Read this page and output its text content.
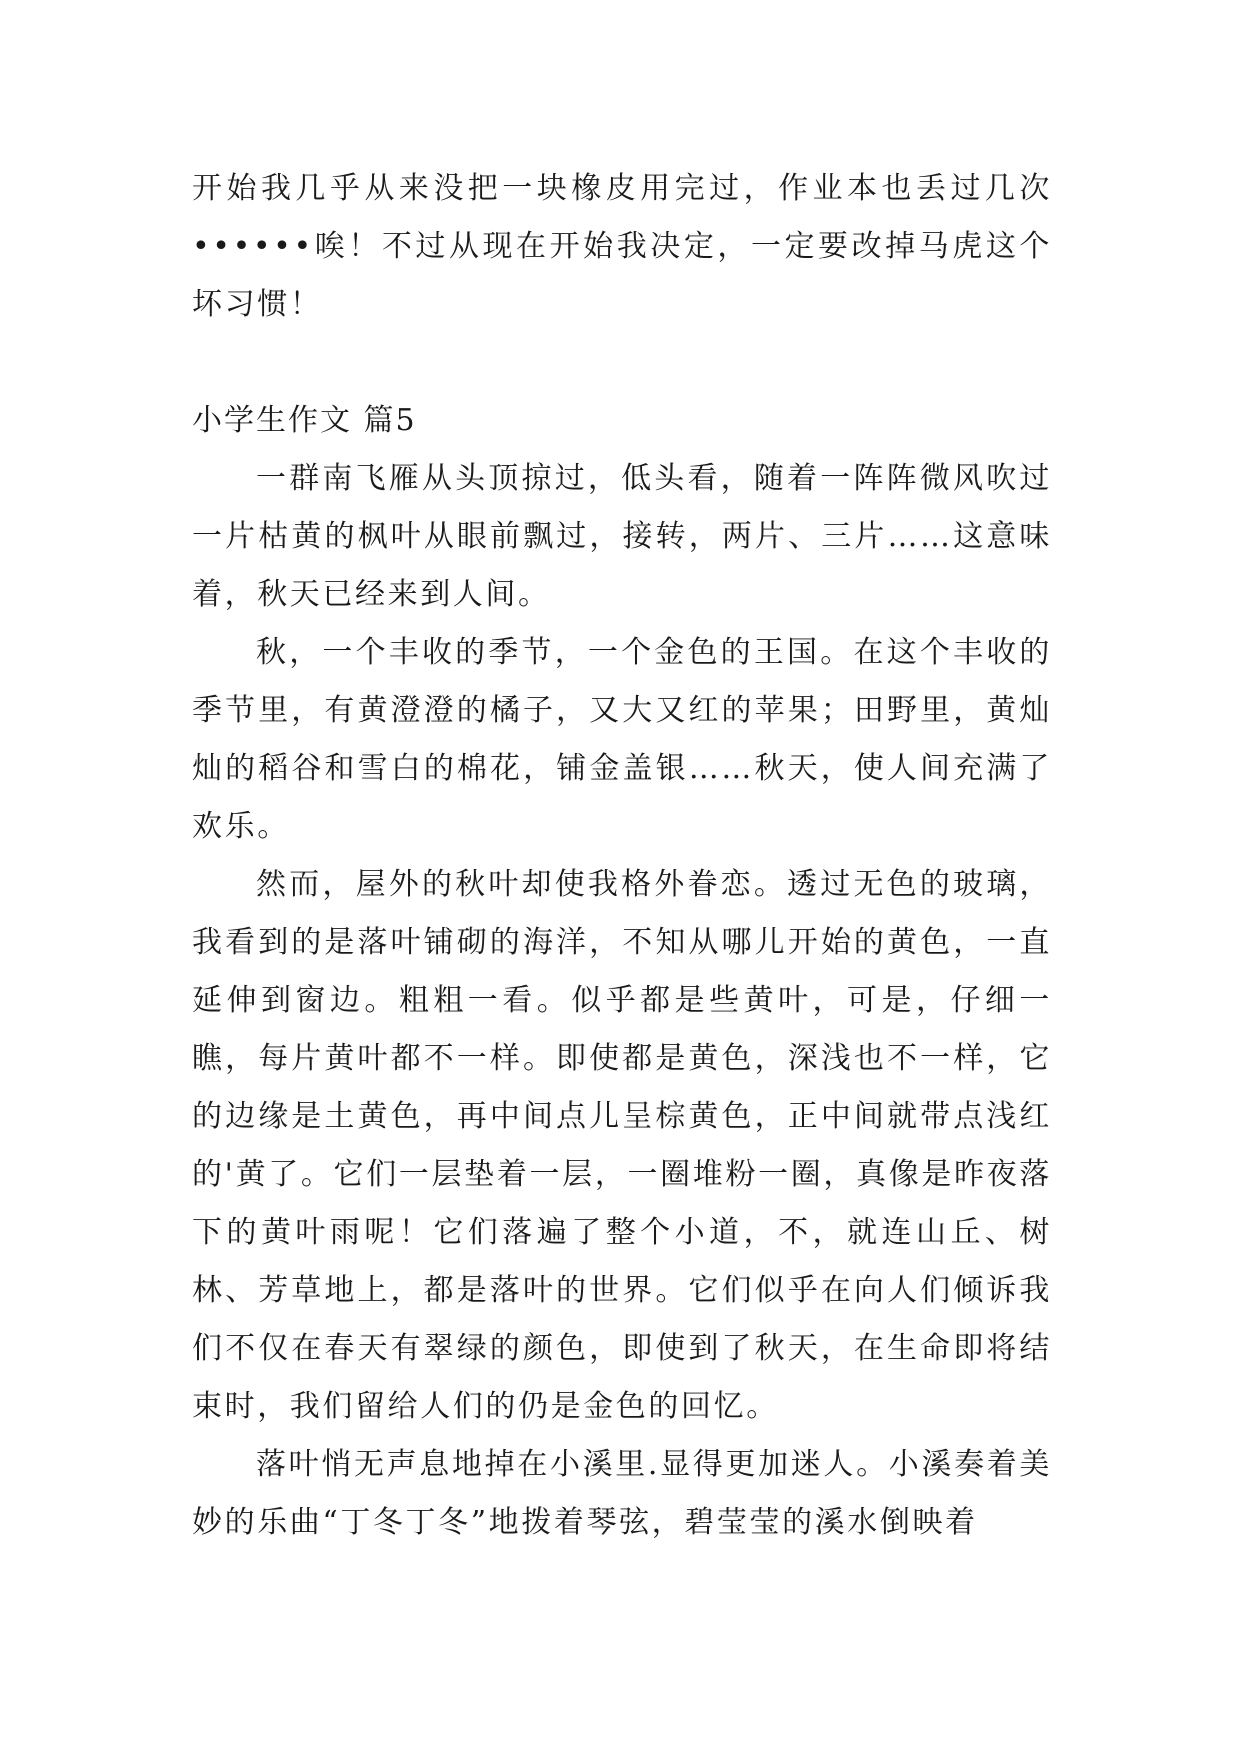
开始我几乎从来没把一块橡皮用完过，作业本也丢过几次••••••唉！不过从现在开始我决定，一定要改掉马虎这个坏习惯！

小学生作文 篇5

一群南飞雁从头顶掠过，低头看，随着一阵阵微风吹过一片枯黄的枫叶从眼前飘过，接转，两片、三片……这意味着，秋天已经来到人间。

秋，一个丰收的季节，一个金色的王国。在这个丰收的季节里，有黄澄澄的橘子，又大又红的苹果；田野里，黄灿灿的稻谷和雪白的棉花，铺金盖银……秋天，使人间充满了欢乐。

然而，屋外的秋叶却使我格外眷恋。透过无色的玻璃，我看到的是落叶铺砌的海洋，不知从哪儿开始的黄色，一直延伸到窗边。粗粗一看。似乎都是些黄叶，可是，仔细一瞧，每片黄叶都不一样。即使都是黄色，深浅也不一样，它的边缘是土黄色，再中间点儿呈棕黄色，正中间就带点浅红的'黄了。它们一层垫着一层，一圈堆粉一圈，真像是昨夜落下的黄叶雨呢！它们落遍了整个小道，不，就连山丘、树林、芳草地上，都是落叶的世界。它们似乎在向人们倾诉我们不仅在春天有翠绿的颜色，即使到了秋天，在生命即将结束时，我们留给人们的仍是金色的回忆。

落叶悄无声息地掉在小溪里.显得更加迷人。小溪奏着美妙的乐曲“丁冬丁冬”地拨着琴弦，碧莹莹的溪水倒映着
